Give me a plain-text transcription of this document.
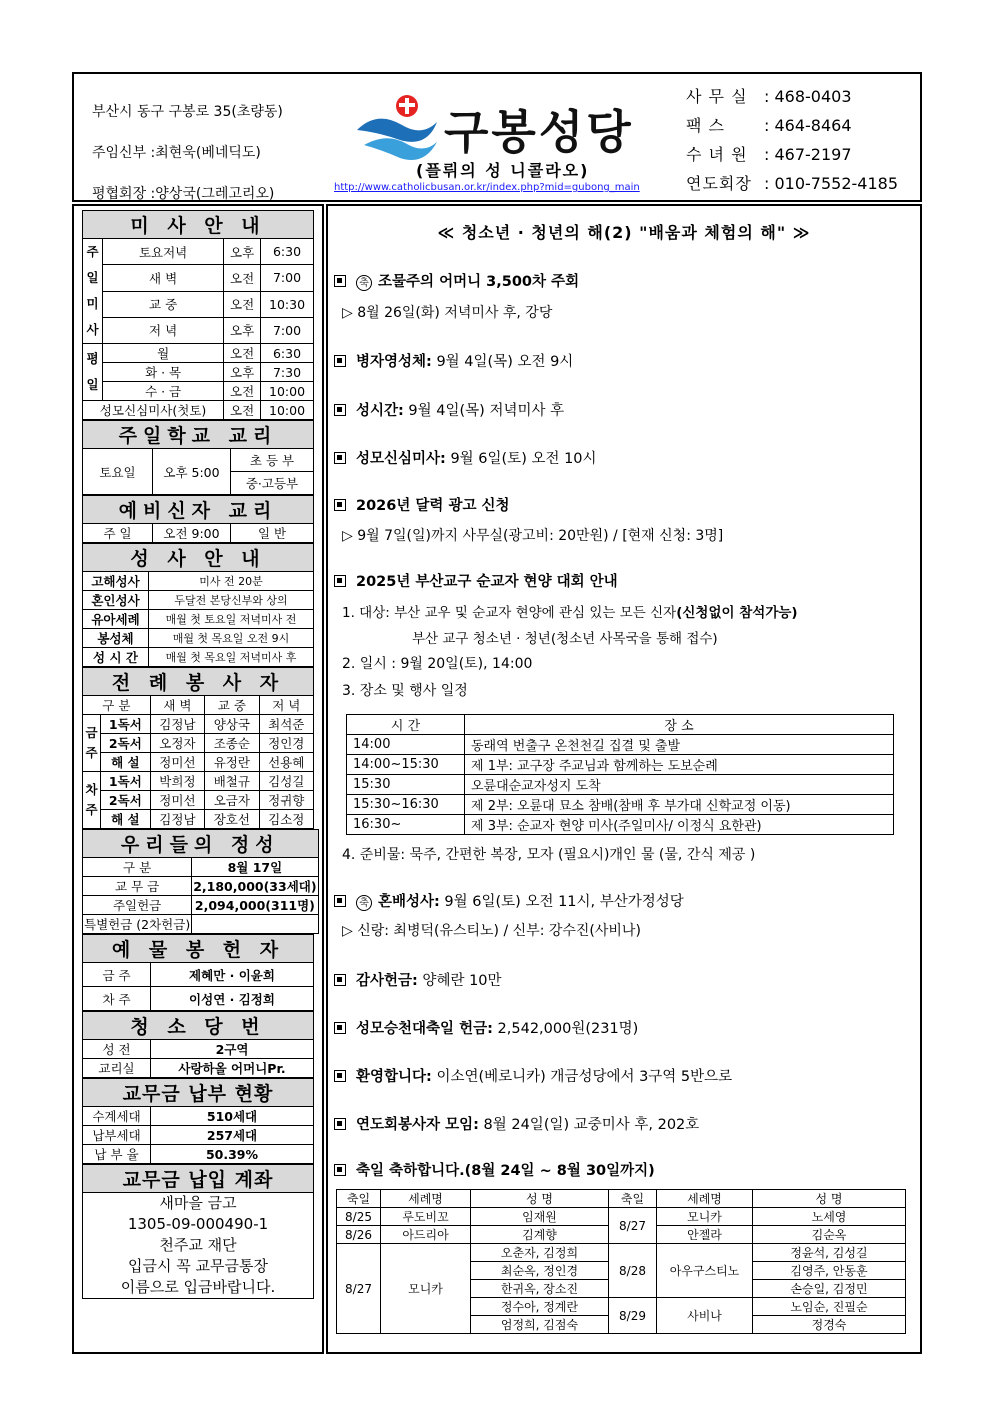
부산시 동구 구봉로 35(초량동)
주임신부 :최현욱(베네딕도)
평협회장 :양상국(그레고리오)
구봉성당
(플뤼의 성 니콜라오)
http://www.catholicbusan.or.kr/index.php?mid=gubong_main
사 무 실	: 468-0403
팩 스	: 464-8464
수 녀 원	: 467-2197
연도회장 : 010-7552-4185
미 사 안 내			
주일미사	토요저녁	오후	6:30
	새 벽	오전	7:00
	교 중	오전	10:30
	저 녁	오후	7:00
평일	월	오전	6:30
	화 · 목	오후	7:30
	수 · 금	오전	10:00
성모신심미사(첫토)		오전	10:00
주일학교 교리
토요일	오후 5:00	초 등 부
중·고등부
예비신자 교리
주 일	오전 9:00	일 반
성 사 안 내	
고해성사	미사 전 20분
혼인성사	두달전 본당신부와 상의
유아세례	매월 첫 토요일 저녁미사 전
봉성체	매월 첫 목요일 오전 9시
성 시 간	매월 첫 목요일 저녁미사 후
전 례 봉 사 자				
구 분		새 벽	교 중	저 녁
금주	1독서	김정남	양상국	최석준
	2독서	오정자	조종순	정인경
	해 설	정미선	유정란	선용혜
차주	1독서	박희정	배철규	김성길
	2독서	정미선	오금자	정귀향
	해 설	김정남	장호선	김소정
우리들의 정성	
구 분	8월 17일
교 무 금	2,180,000(33세대)
주일헌금	2,094,000(311명)
특별헌금 (2차헌금)	
예 물 봉 헌 자	
금 주	제혜만 · 이윤희
차 주	이성연 · 김정희
청 소 당 번	
성 전	2구역
교리실	사랑하올 어머니Pr.
교무금 납부 현황	
수계세대	510세대
납부세대	257세대
납 부 율	50.39%
교무금 납입 계좌

새마을 금고
1305-09-000490-1
천주교 재단
입금시 꼭 교무금통장
이름으로 입금바랍니다.
≪ 청소년 · 청년의 해(2) "배움과 체험의 해" ≫
축 조물주의 어머니 3,500차 주회
▷ 8월 26일(화) 저녁미사 후, 강당
병자영성체: 9월 4일(목) 오전 9시
성시간: 9월 4일(목) 저녁미사 후
성모신심미사: 9월 6일(토) 오전 10시
2026년 달력 광고 신청
▷ 9월 7일(일)까지 사무실(광고비: 20만원) / [현재 신청: 3명]
2025년 부산교구 순교자 현양 대회 안내
1. 대상: 부산 교우 및 순교자 현양에 관심 있는 모든 신자(신청없이 참석가능)
부산 교구 청소년 · 청년(청소년 사목국을 통해 접수)
2. 일시 : 9월 20일(토), 14:00
3. 장소 및 행사 일정
시 간	장 소
14:00	동래역 번출구 온천천길 집결 및 출발
14:00~15:30	제 1부: 교구장 주교님과 함께하는 도보순례
15:30	오륜대순교자성지 도착
15:30~16:30	제 2부: 오륜대 묘소 참배(참배 후 부가대 신학교정 이동)
16:30~	제 3부: 순교자 현양 미사(주일미사/ 이정식 요한관)
4. 준비물: 묵주, 간편한 복장, 모자 (필요시)개인 물 (물, 간식 제공 )
축 혼배성사: 9월 6일(토) 오전 11시, 부산가정성당
▷ 신랑: 최병덕(유스티노) / 신부: 강수진(사비나)
감사헌금: 양혜란 10만
성모승천대축일 헌금: 2,542,000원(231명)
환영합니다: 이소연(베로니카) 개금성당에서 3구역 5반으로
연도회봉사자 모임: 8월 24일(일) 교중미사 후, 202호
축일 축하합니다.(8월 24일 ~ 8월 30일까지)
축일	세례명	성 명	축일	세례명	성 명
8/25	루도비꼬	임재원	8/27	모니카	노세영
8/26	아드리아	김계향		안젤라	김순옥
8/27	모니카	오춘자, 김정희	8/28	아우구스티노	정윤석, 김성길
		최순옥, 정인경			김영주, 안동훈
		한귀옥, 장소진			손승일, 김정민
		정수아, 정계란	8/29	사비나	노임순, 진필순
		엄정희, 김점숙			정경숙
